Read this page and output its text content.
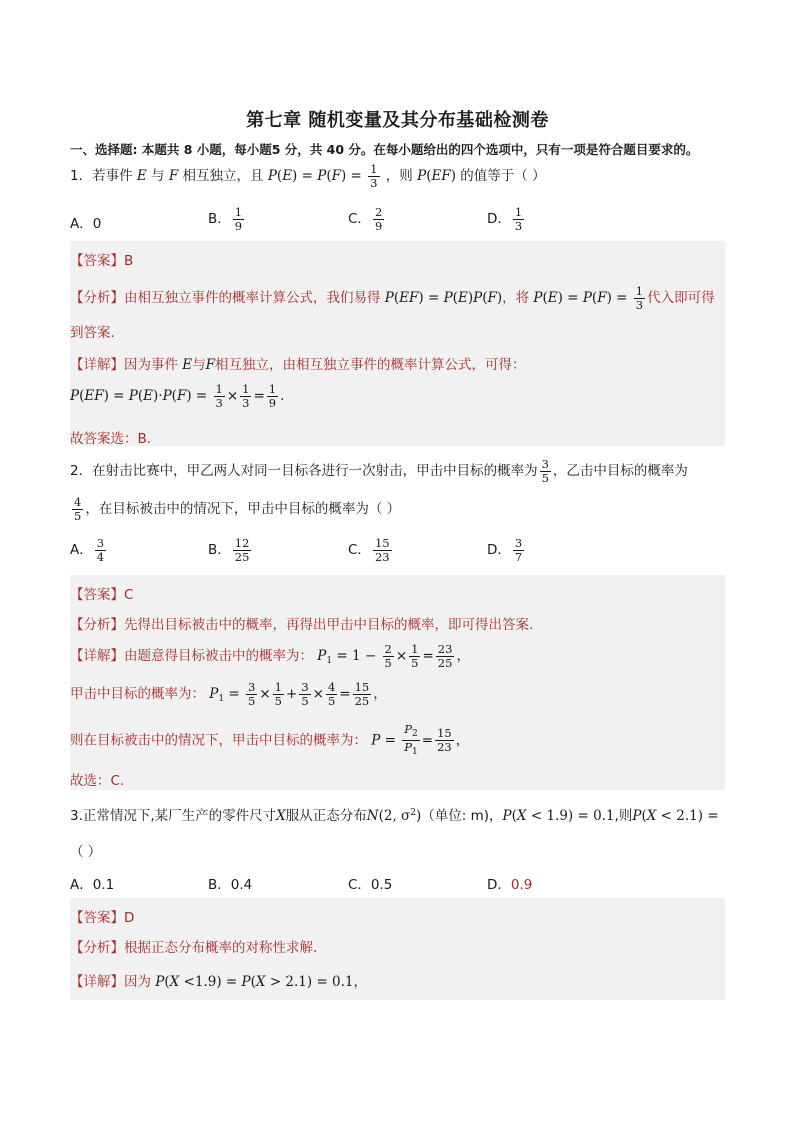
第七章 随机变量及其分布基础检测卷
一、选择题: 本题共 8 小题，每小题5 分，共 40 分。在每小题给出的四个选项中，只有一项是符合题目要求的。
1．若事件 E 与 F 相互独立，且 $P(E) = P(F) = \frac{1}{3}$ ，则 P(EF) 的值等于（ ）
A．0	B． $\frac{1}{9}$	C． $\frac{2}{9}$	D． $\frac{1}{3}$
【答案】B
【分析】由相互独立事件的概率计算公式，我们易得 P(EF) = P(E)P(F)，将 $P(E) = P(F) = \frac{1}{3}$ 代入即可得
到答案.
【详解】因为事件 E与F相互独立，由相互独立事件的概率计算公式，可得：
$P(EF) = P(E)\cdot P(F) = \frac{1}{3} \times \frac{1}{3} = \frac{1}{9}$ .
故答案选：B.
2．在射击比赛中，甲乙两人对同一目标各进行一次射击，甲击中目标的概率为 $\frac{3}{5}$ ，乙击中目标的概率为
$\frac{4}{5}$ ，在目标被击中的情况下，甲击中目标的概率为（ ）
A． $\frac{3}{4}$	B． $\frac{12}{25}$	C． $\frac{15}{23}$	D． $\frac{3}{7}$
【答案】C
【分析】先得出目标被击中的概率，再得出甲击中目标的概率，即可得出答案.
【详解】由题意得目标被击中的概率为： $P_1 = 1 - \frac{2}{5} \times \frac{1}{5} = \frac{23}{25}$ ，
甲击中目标的概率为： $P_1 = \frac{3}{5} \times \frac{1}{5} + \frac{3}{5} \times \frac{4}{5} = \frac{15}{25}$ ，
则在目标被击中的情况下，甲击中目标的概率为： $P = \frac{P_2}{P_1} = \frac{15}{23}$ ，
故选：C.
3.正常情况下,某厂生产的零件尺寸X服从正态分布N(2, $\sigma^2$)（单位: m)，P(X < 1.9) = 0.1,则P(X < 2.1) =
（ ）
A．0.1	B．0.4	C．0.5	D．0.9
【答案】D
【分析】根据正态分布概率的对称性求解.
【详解】因为 P(X <1.9) = P(X > 2.1) = 0.1，
